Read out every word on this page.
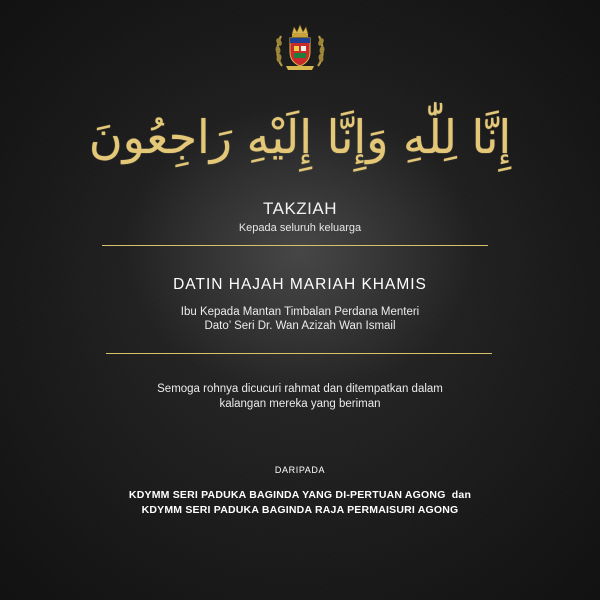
إِنَّا لِلّٰهِ وَإِنَّا إِلَيْهِ رَاجِعُونَ
TAKZIAH
Kepada seluruh keluarga
DATIN HAJAH MARIAH KHAMIS
Ibu Kepada Mantan Timbalan Perdana Menteri
Dato’ Seri Dr. Wan Azizah Wan Ismail
Semoga rohnya dicucuri rahmat dan ditempatkan dalam
kalangan mereka yang beriman
DARIPADA
KDYMM SERI PADUKA BAGINDA YANG DI-PERTUAN AGONG  dan
KDYMM SERI PADUKA BAGINDA RAJA PERMAISURI AGONG
